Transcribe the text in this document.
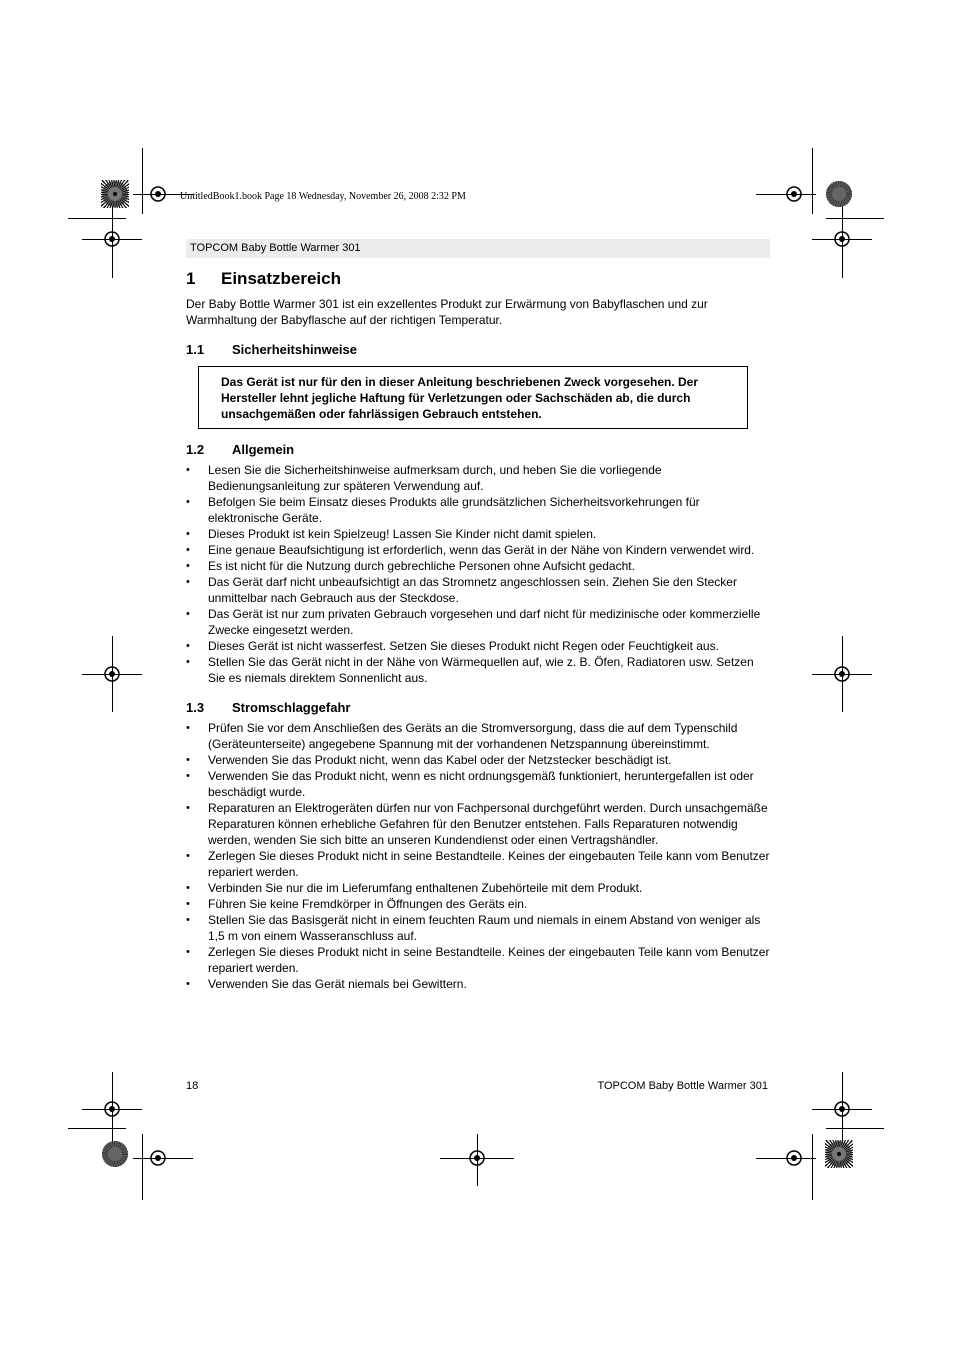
UntitledBook1.book Page 18 Wednesday, November 26, 2008 2:32 PM
TOPCOM Baby Bottle Warmer 301
1 Einsatzbereich

Der Baby Bottle Warmer 301 ist ein exzellentes Produkt zur Erwärmung von Babyflaschen und zur Warmhaltung der Babyflasche auf der richtigen Temperatur.

1.1 Sicherheitshinweise
Das Gerät ist nur für den in dieser Anleitung beschriebenen Zweck vorgesehen. Der Hersteller lehnt jegliche Haftung für Verletzungen oder Sachschäden ab, die durch unsachgemäßen oder fahrlässigen Gebrauch entstehen.
1.2 Allgemein
• Lesen Sie die Sicherheitshinweise aufmerksam durch, und heben Sie die vorliegende Bedienungsanleitung zur späteren Verwendung auf.
• Befolgen Sie beim Einsatz dieses Produkts alle grundsätzlichen Sicherheitsvorkehrungen für elektronische Geräte.
• Dieses Produkt ist kein Spielzeug! Lassen Sie Kinder nicht damit spielen.
• Eine genaue Beaufsichtigung ist erforderlich, wenn das Gerät in der Nähe von Kindern verwendet wird.
• Es ist nicht für die Nutzung durch gebrechliche Personen ohne Aufsicht gedacht.
• Das Gerät darf nicht unbeaufsichtigt an das Stromnetz angeschlossen sein. Ziehen Sie den Stecker unmittelbar nach Gebrauch aus der Steckdose.
• Das Gerät ist nur zum privaten Gebrauch vorgesehen und darf nicht für medizinische oder kommerzielle Zwecke eingesetzt werden.
• Dieses Gerät ist nicht wasserfest. Setzen Sie dieses Produkt nicht Regen oder Feuchtigkeit aus.
• Stellen Sie das Gerät nicht in der Nähe von Wärmequellen auf, wie z. B. Öfen, Radiatoren usw. Setzen Sie es niemals direktem Sonnenlicht aus.
1.3 Stromschlaggefahr
• Prüfen Sie vor dem Anschließen des Geräts an die Stromversorgung, dass die auf dem Typenschild (Geräteunterseite) angegebene Spannung mit der vorhandenen Netzspannung übereinstimmt.
• Verwenden Sie das Produkt nicht, wenn das Kabel oder der Netzstecker beschädigt ist.
• Verwenden Sie das Produkt nicht, wenn es nicht ordnungsgemäß funktioniert, heruntergefallen ist oder beschädigt wurde.
• Reparaturen an Elektrogeräten dürfen nur von Fachpersonal durchgeführt werden. Durch unsachgemäße Reparaturen können erhebliche Gefahren für den Benutzer entstehen. Falls Reparaturen notwendig werden, wenden Sie sich bitte an unseren Kundendienst oder einen Vertragshändler.
• Zerlegen Sie dieses Produkt nicht in seine Bestandteile. Keines der eingebauten Teile kann vom Benutzer repariert werden.
• Verbinden Sie nur die im Lieferumfang enthaltenen Zubehörteile mit dem Produkt.
• Führen Sie keine Fremdkörper in Öffnungen des Geräts ein.
• Stellen Sie das Basisgerät nicht in einem feuchten Raum und niemals in einem Abstand von weniger als 1,5 m von einem Wasseranschluss auf.
• Zerlegen Sie dieses Produkt nicht in seine Bestandteile. Keines der eingebauten Teile kann vom Benutzer repariert werden.
• Verwenden Sie das Gerät niemals bei Gewittern.
18	TOPCOM Baby Bottle Warmer 301
